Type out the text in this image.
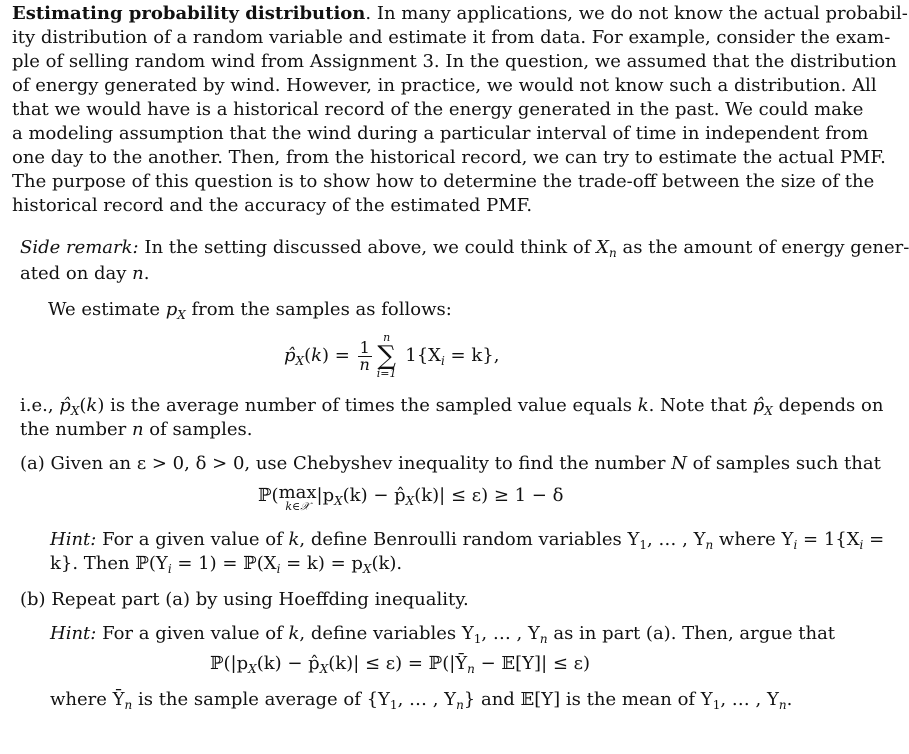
Estimating probability distribution. In many applications, we do not know the actual probabil-
ity distribution of a random variable and estimate it from data. For example, consider the exam-
ple of selling random wind from Assignment 3. In the question, we assumed that the distribution
of energy generated by wind. However, in practice, we would not know such a distribution. All
that we would have is a historical record of the energy generated in the past. We could make
a modeling assumption that the wind during a particular interval of time in independent from
one day to the another. Then, from the historical record, we can try to estimate the actual PMF.
The purpose of this question is to show how to determine the trade-off between the size of the
historical record and the accuracy of the estimated PMF.
Side remark: In the setting discussed above, we could think of $X_n$ as the amount of energy gener-
ated on day n.
We estimate $p_X$ from the samples as follows:
$p̂_X(k) = \frac{1}{n}$
n
∑
i=1
$1\{X_i = k\}$,
i.e., $p̂_X(k)$ is the average number of times the sampled value equals k. Note that $p̂_X$ depends on
the number n of samples.
(a) Given an ε > 0, δ > 0, use Chebyshev inequality to find the number N of samples such that
ℙ(max
k∈𝒳
$|p_X(k)$ − $p̂_X(k)| \le \varepsilon) \ge 1 - \delta$
Hint: For a given value of k, define Benroulli random variables $Y_1$, … , $Y_n$ where $Y_i = 1\{X_i$ =
k}. Then $ℙ(Y_i = 1)$ = $ℙ(X_i = k) = p_X(k)$.
(b) Repeat part (a) by using Hoeffding inequality.
Hint: For a given value of k, define variables $Y_1$, … , $Y_n$ as in part (a). Then, argue that
$ℙ(|p_X(k)$ − $p̂_X(k)| \le \varepsilon$) = $ℙ(|Ȳ_n$ − 𝔼[Y]| ≤ ε)
where $Ȳ_n$ is the sample average of {$Y_1$, … , $Y_n$} and 𝔼[Y] is the mean of $Y_1$, … , $Y_n$.
